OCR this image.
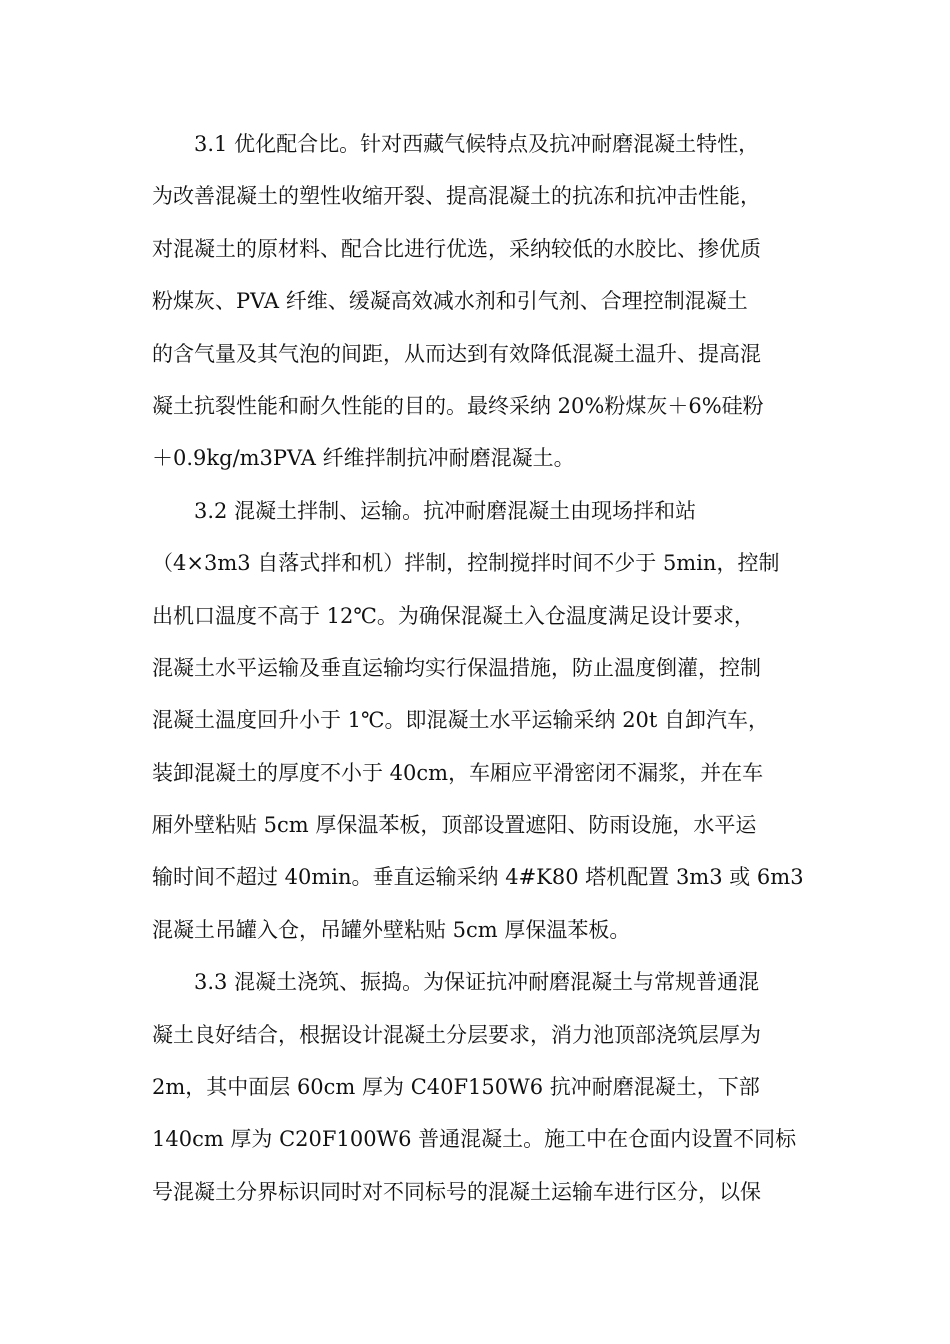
3.1 优化配合比。针对西藏气候特点及抗冲耐磨混凝土特性，
为改善混凝土的塑性收缩开裂、提高混凝土的抗冻和抗冲击性能，
对混凝土的原材料、配合比进行优选，采纳较低的水胶比、掺优质
粉煤灰、PVA 纤维、缓凝高效减水剂和引气剂、合理控制混凝土
的含气量及其气泡的间距，从而达到有效降低混凝土温升、提高混
凝土抗裂性能和耐久性能的目的。最终采纳 20%粉煤灰＋6%硅粉
＋0.9kg/m3PVA 纤维拌制抗冲耐磨混凝土。
3.2 混凝土拌制、运输。抗冲耐磨混凝土由现场拌和站
（4×3m3 自落式拌和机）拌制，控制搅拌时间不少于 5min，控制
出机口温度不高于 12℃。为确保混凝土入仓温度满足设计要求，
混凝土水平运输及垂直运输均实行保温措施，防止温度倒灌，控制
混凝土温度回升小于 1℃。即混凝土水平运输采纳 20t 自卸汽车，
装卸混凝土的厚度不小于 40cm，车厢应平滑密闭不漏浆，并在车
厢外壁粘贴 5cm 厚保温苯板，顶部设置遮阳、防雨设施，水平运
输时间不超过 40min。垂直运输采纳 4#K80 塔机配置 3m3 或 6m3
混凝土吊罐入仓，吊罐外壁粘贴 5cm 厚保温苯板。
3.3 混凝土浇筑、振捣。为保证抗冲耐磨混凝土与常规普通混
凝土良好结合，根据设计混凝土分层要求，消力池顶部浇筑层厚为
2m，其中面层 60cm 厚为 C40F150W6 抗冲耐磨混凝土，下部
140cm 厚为 C20F100W6 普通混凝土。施工中在仓面内设置不同标
号混凝土分界标识同时对不同标号的混凝土运输车进行区分，以保
